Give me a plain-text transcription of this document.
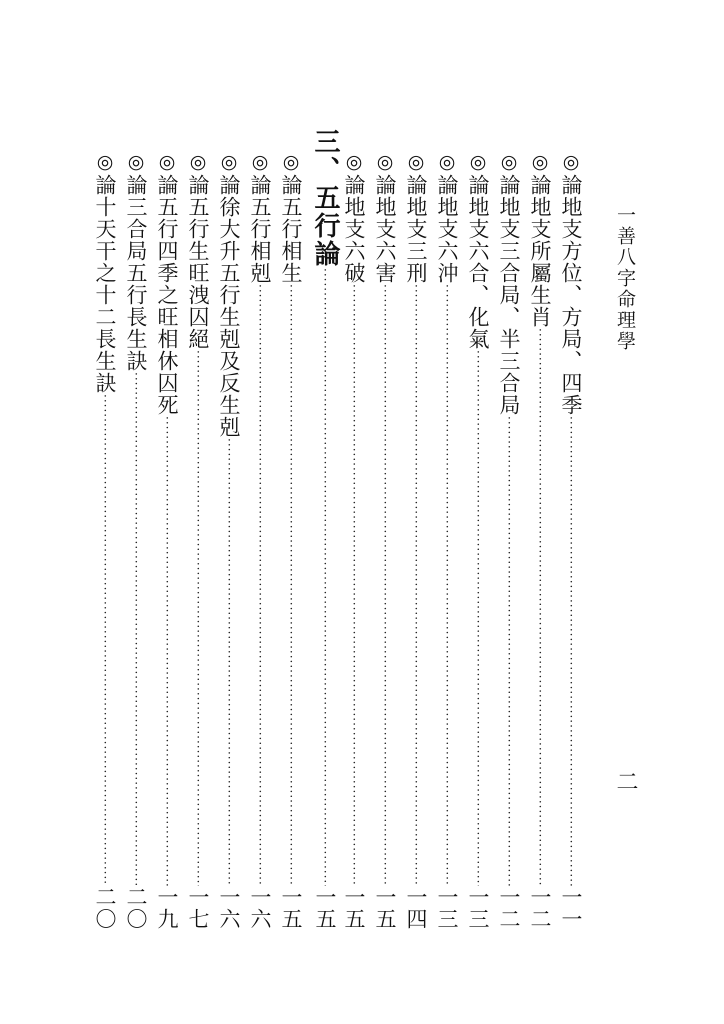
一善八字命理學
二
◎
論地支方位、方局、四季
·····
一一
◎
論地支所屬生肖
·····
一二
◎
論地支三合局、半三合局
·····
一二
◎
論地支六合、化氣
·····
一三
◎
論地支六沖
·····
一三
◎
論地支三刑
·····
一四
◎
論地支六害
·····
一五
◎
論地支六破
·····
一五
三、五行論
·····
一五
◎
論五行相生
·····
一五
◎
論五行相剋
·····
一六
◎
論徐大升五行生剋及反生剋
·····
一六
◎
論五行生旺洩囚絕
·····
一七
◎
論五行四季之旺相休囚死
·····
一九
◎
論三合局五行長生訣
·····
二〇
◎
論十天干之十二長生訣
·····
二〇
